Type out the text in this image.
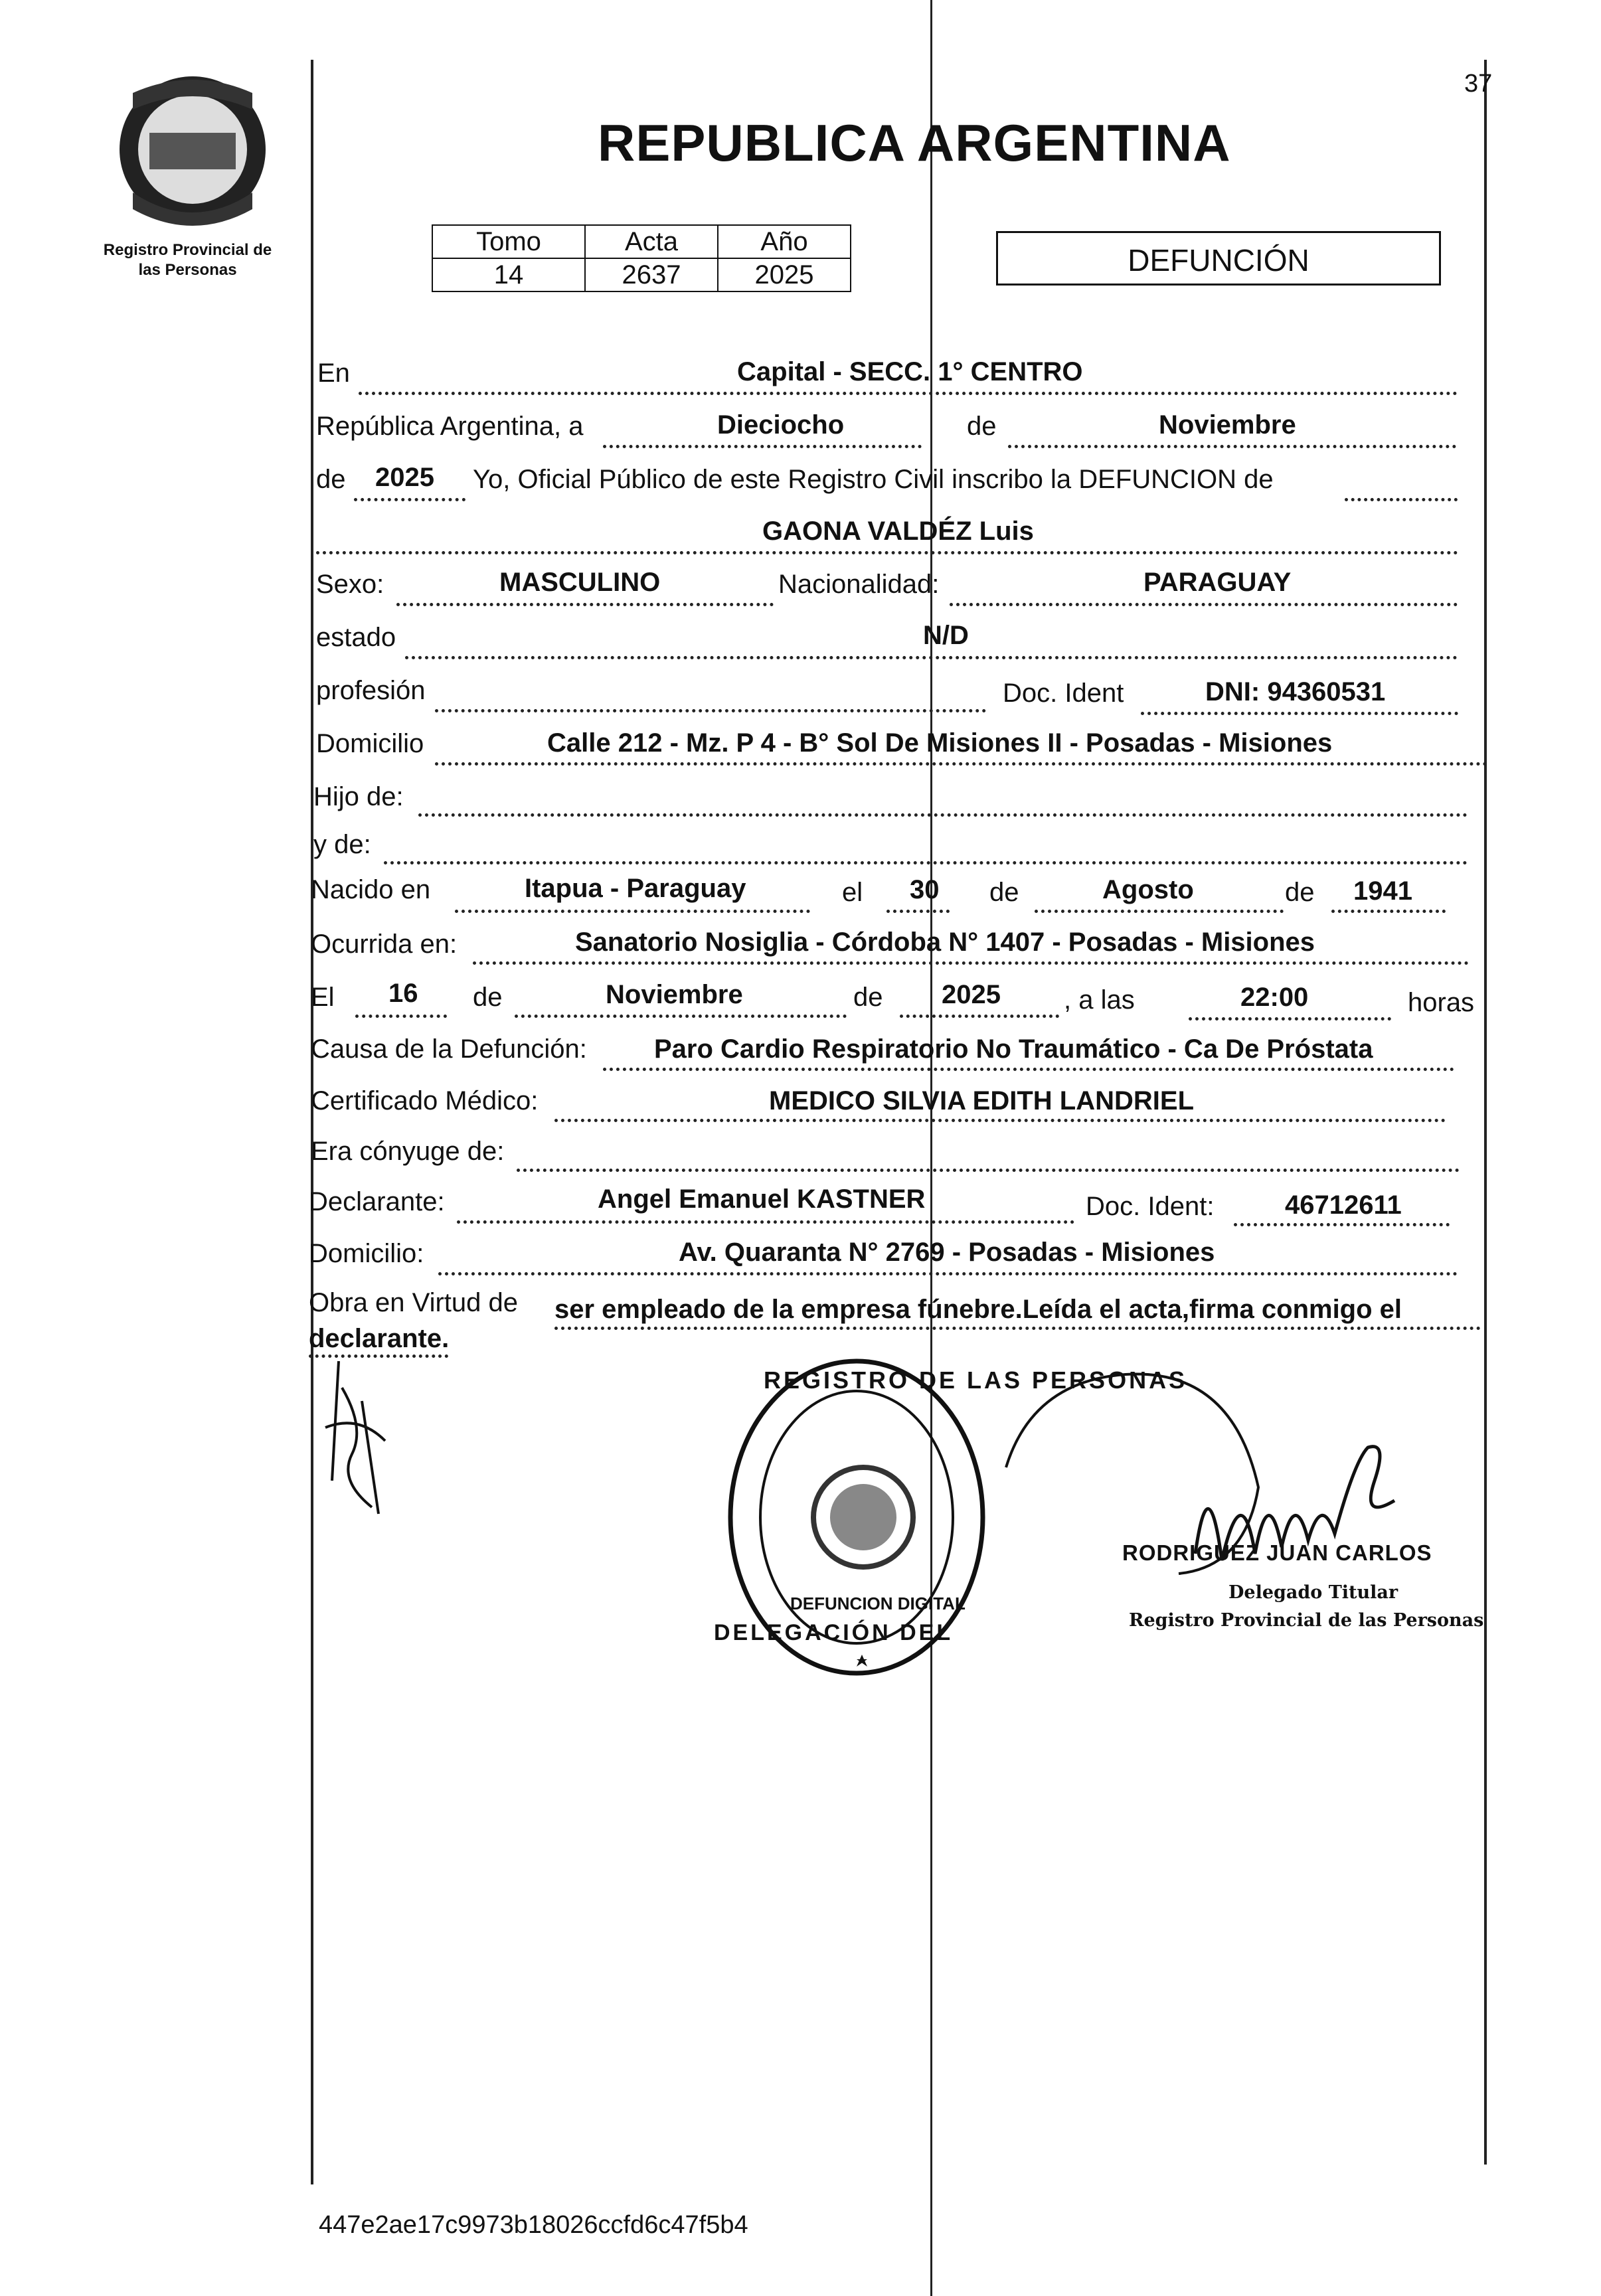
Registro Provincial de
las Personas
37
REPUBLICA ARGENTINA
Tomo	Acta	Año
14	2637	2025	DEFUNCIÓN
En	Capital - SECC. 1° CENTRO
República Argentina, a	Dieciocho	de	Noviembre
de 2025 Yo, Oficial Público de este Registro Civil inscribo la DEFUNCION de
GAONA VALDÉZ Luis
Sexo:	MASCULINO	Nacionalidad:	PARAGUAY
estado	N/D
profesión	Doc. Ident	DNI: 94360531
Domicilio	Calle 212 - Mz. P 4 - B° Sol De Misiones II - Posadas - Misiones
Hijo de:
y de:
Nacido en	Itapua - Paraguay	el 30 de	Agosto	de 1941
Ocurrida en:	Sanatorio Nosiglia - Córdoba N° 1407 - Posadas - Misiones
El 16 de	Noviembre	de 2025 , a las	22:00	horas
Causa de la Defunción:	Paro Cardio Respiratorio No Traumático - Ca De Próstata
Certificado Médico:	MEDICO SILVIA EDITH LANDRIEL
Era cónyuge de:
Declarante:	Angel Emanuel KASTNER	Doc. Ident:	46712611
Domicilio:	Av. Quaranta N° 2769 - Posadas - Misiones
Obra en Virtud de ser empleado de la empresa fúnebre.Leída el acta,firma conmigo el
declarante.
REGISTRO DE LAS PERSONAS
DELEGACIÓN DEL
DEFUNCION DIGITAL
RODRIGUEZ JUAN CARLOS
Delegado Titular
Registro Provincial de las Personas
447e2ae17c9973b18026ccfd6c47f5b4
